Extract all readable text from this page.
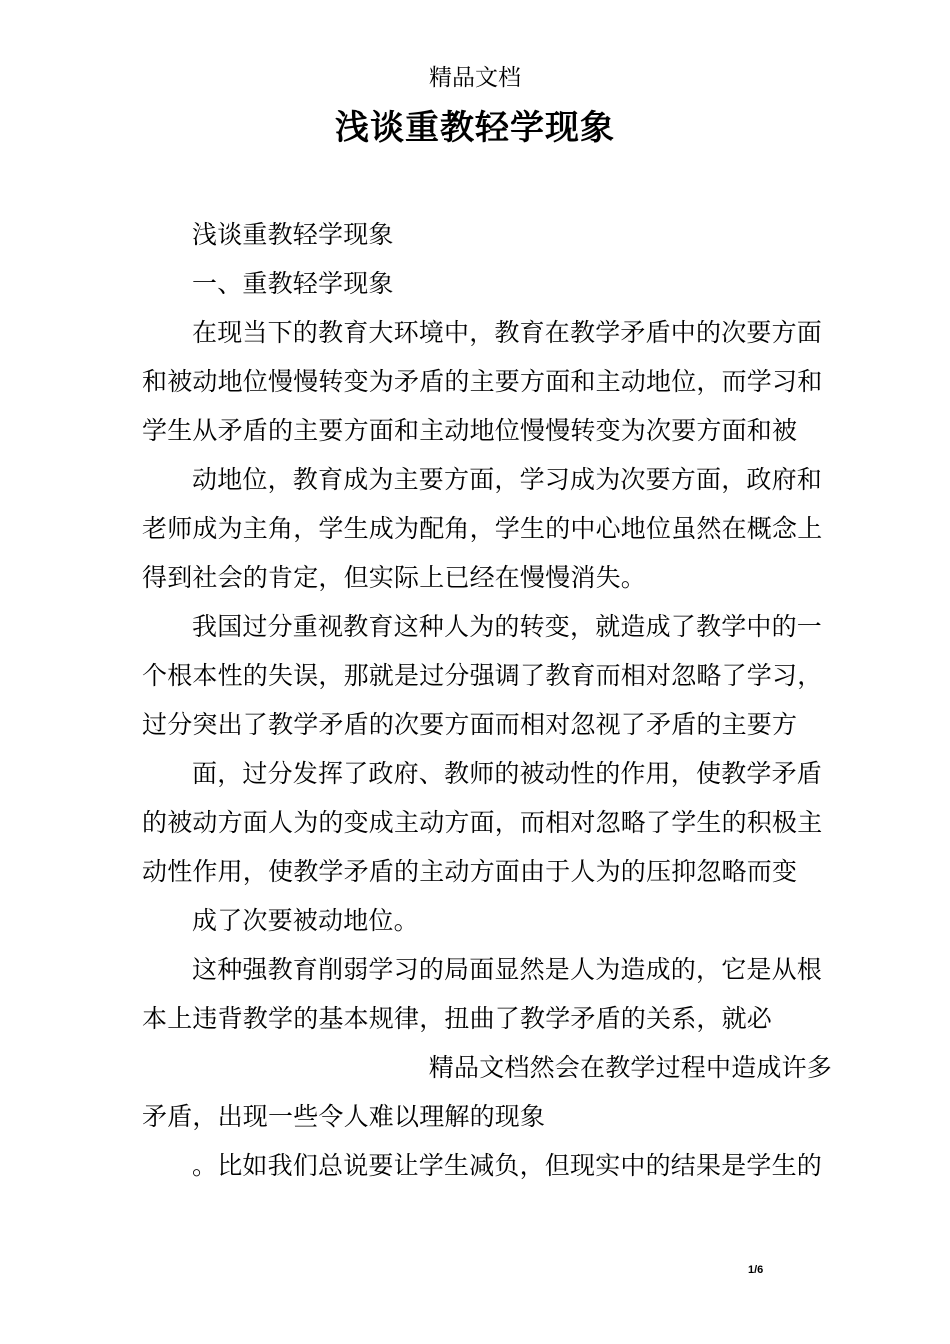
精品文档
浅谈重教轻学现象
浅谈重教轻学现象
一、重教轻学现象
在现当下的教育大环境中，教育在教学矛盾中的次要方面
和被动地位慢慢转变为矛盾的主要方面和主动地位，而学习和
学生从矛盾的主要方面和主动地位慢慢转变为次要方面和被
动地位，教育成为主要方面，学习成为次要方面，政府和
老师成为主角，学生成为配角，学生的中心地位虽然在概念上
得到社会的肯定，但实际上已经在慢慢消失。
我国过分重视教育这种人为的转变，就造成了教学中的一
个根本性的失误，那就是过分强调了教育而相对忽略了学习，
过分突出了教学矛盾的次要方面而相对忽视了矛盾的主要方
面，过分发挥了政府、教师的被动性的作用，使教学矛盾
的被动方面人为的变成主动方面，而相对忽略了学生的积极主
动性作用，使教学矛盾的主动方面由于人为的压抑忽略而变
成了次要被动地位。
这种强教育削弱学习的局面显然是人为造成的，它是从根
本上违背教学的基本规律，扭曲了教学矛盾的关系，就必
精品文档然会在教学过程中造成许多
矛盾，出现一些令人难以理解的现象
。比如我们总说要让学生减负，但现实中的结果是学生的
1/6
